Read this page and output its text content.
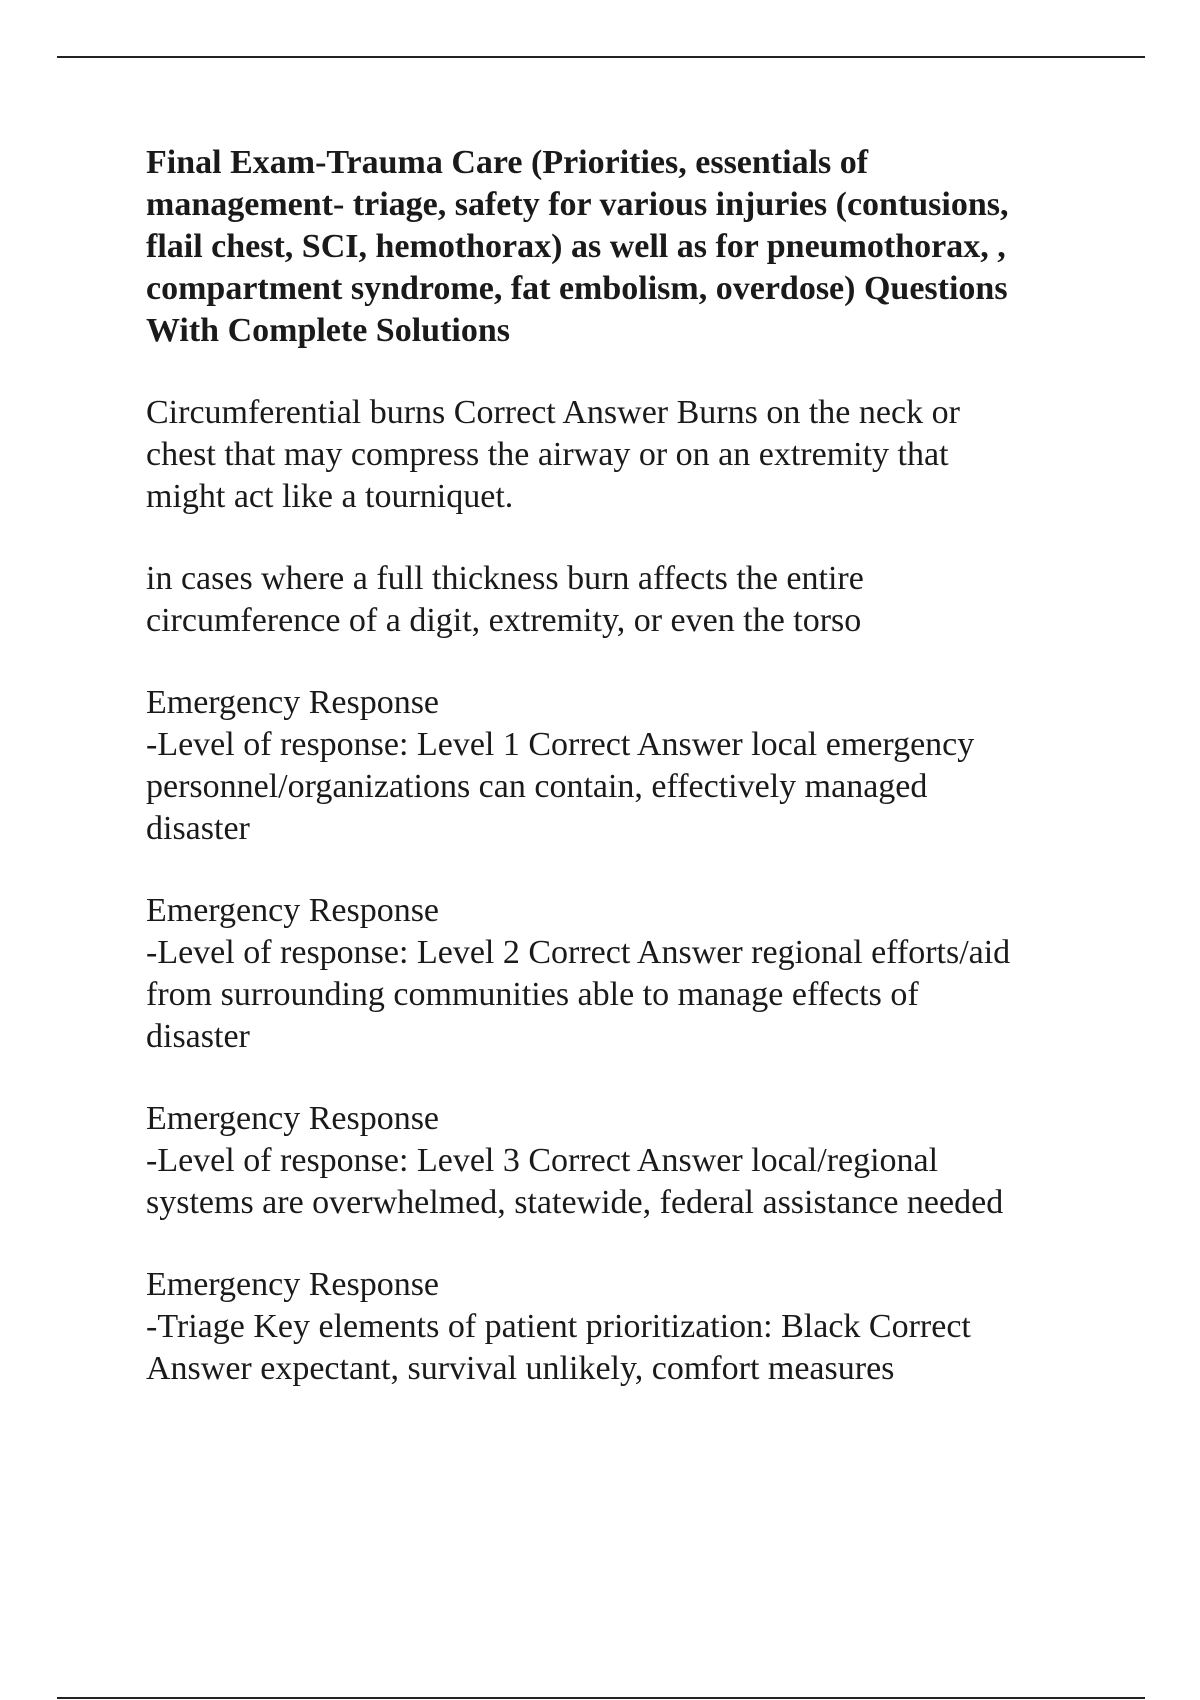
Final Exam-Trauma Care (Priorities, essentials of
management- triage, safety for various injuries (contusions,
flail chest, SCI, hemothorax) as well as for pneumothorax, ,
compartment syndrome, fat embolism, overdose) Questions
With Complete Solutions
Circumferential burns Correct Answer Burns on the neck or
chest that may compress the airway or on an extremity that
might act like a tourniquet.
in cases where a full thickness burn affects the entire
circumference of a digit, extremity, or even the torso
Emergency Response
-Level of response: Level 1 Correct Answer local emergency
personnel/organizations can contain, effectively managed
disaster
Emergency Response
-Level of response: Level 2 Correct Answer regional efforts/aid
from surrounding communities able to manage effects of
disaster
Emergency Response
-Level of response: Level 3 Correct Answer local/regional
systems are overwhelmed, statewide, federal assistance needed
Emergency Response
-Triage Key elements of patient prioritization: Black Correct
Answer expectant, survival unlikely, comfort measures
